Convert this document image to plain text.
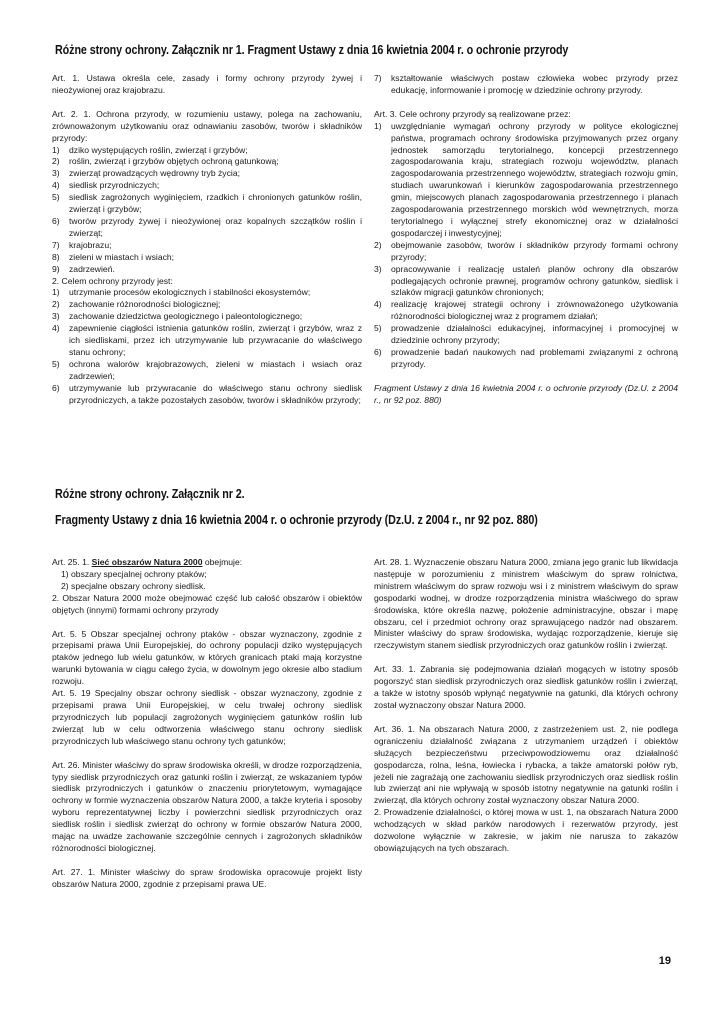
Różne strony ochrony. Załącznik nr 1. Fragment Ustawy z dnia 16 kwietnia 2004 r. o ochronie przyrody

Art. 1. Ustawa określa cele, zasady i formy ochrony przyrody żywej i nieożywionej oraz krajobrazu.

Art. 2. 1. Ochrona przyrody, w rozumieniu ustawy, polega na zachowaniu, zrównoważonym użytkowaniu oraz odnawianiu zasobów, tworów i składników przyrody:

1)	dziko występujących roślin, zwierząt i grzybów;
2)	roślin, zwierząt i grzybów objętych ochroną gatunkową;
3)	zwierząt prowadzących wędrowny tryb życia;
4)	siedlisk przyrodniczych;
5)	siedlisk zagrożonych wyginięciem, rzadkich i chronionych gatunków roślin, zwierząt i grzybów;
6)	tworów przyrody żywej i nieożywionej oraz kopalnych szczątków roślin i zwierząt;
7)	krajobrazu;
8)	zieleni w miastach i wsiach;
9)	zadrzewień.

2. Celem ochrony przyrody jest:

1)	utrzymanie procesów ekologicznych i stabilności ekosystemów;
2)	zachowanie różnorodności biologicznej;
3)	zachowanie dziedzictwa geologicznego i paleontologicznego;
4)	zapewnienie ciągłości istnienia gatunków roślin, zwierząt i grzybów, wraz z ich siedliskami, przez ich utrzymywanie lub przywracanie do właściwego stanu ochrony;
5)	ochrona walorów krajobrazowych, zieleni w miastach i wsiach oraz zadrzewień;
6)	utrzymywanie lub przywracanie do właściwego stanu ochrony siedlisk przyrodniczych, a także pozostałych zasobów, tworów i składników przyrody;
7)	kształtowanie właściwych postaw człowieka wobec przyrody przez edukację, informowanie i promocję w dziedzinie ochrony przyrody.

Art. 3. Cele ochrony przyrody są realizowane przez:

1)	uwzględnianie wymagań ochrony przyrody w polityce ekologicznej państwa, programach ochrony środowiska przyjmowanych przez organy jednostek samorządu terytorialnego, koncepcji przestrzennego zagospodarowania kraju, strategiach rozwoju województw, planach zagospodarowania przestrzennego województw, strategiach rozwoju gmin, studiach uwarunkowań i kierunków zagospodarowania przestrzennego gmin, miejscowych planach zagospodarowania przestrzennego i planach zagospodarowania przestrzennego morskich wód wewnętrznych, morza terytorialnego i wyłącznej strefy ekonomicznej oraz w działalności gospodarczej i inwestycyjnej;
2)	obejmowanie zasobów, tworów i składników przyrody formami ochrony przyrody;
3)	opracowywanie i realizację ustaleń planów ochrony dla obszarów podlegających ochronie prawnej, programów ochrony gatunków, siedlisk i szlaków migracji gatunków chronionych;
4)	realizację krajowej strategii ochrony i zrównoważonego użytkowania różnorodności biologicznej wraz z programem działań;
5)	prowadzenie działalności edukacyjnej, informacyjnej i promocyjnej w dziedzinie ochrony przyrody;
6)	prowadzenie badań naukowych nad problemami związanymi z ochroną przyrody.

Fragment Ustawy z dnia 16 kwietnia 2004 r. o ochronie przyrody (Dz.U. z 2004 r., nr 92 poz. 880)

Różne strony ochrony. Załącznik nr 2.
Fragmenty Ustawy z dnia 16 kwietnia 2004 r. o ochronie przyrody (Dz.U. z 2004 r., nr 92 poz. 880)

Art. 25. 1. Sieć obszarów Natura 2000 obejmuje:

1) obszary specjalnej ochrony ptaków;

2) specjalne obszary ochrony siedlisk.

2. Obszar Natura 2000 może obejmować część lub całość obszarów i obiektów objętych (innymi) formami ochrony przyrody

Art. 5. 5 Obszar specjalnej ochrony ptaków - obszar wyznaczony, zgodnie z przepisami prawa Unii Europejskiej, do ochrony populacji dziko występujących ptaków jednego lub wielu gatunków, w których granicach ptaki mają korzystne warunki bytowania w ciągu całego życia, w dowolnym jego okresie albo stadium rozwoju.

Art. 5. 19 Specjalny obszar ochrony siedlisk - obszar wyznaczony, zgodnie z przepisami prawa Unii Europejskiej, w celu trwałej ochrony siedlisk przyrodniczych lub populacji zagrożonych wyginięciem gatunków roślin lub zwierząt lub w celu odtworzenia właściwego stanu ochrony siedlisk przyrodniczych lub właściwego stanu ochrony tych gatunków;

Art. 26. Minister właściwy do spraw środowiska określi, w drodze rozporządzenia, typy siedlisk przyrodniczych oraz gatunki roślin i zwierząt, ze wskazaniem typów siedlisk przyrodniczych i gatunków o znaczeniu priorytetowym, wymagające ochrony w formie wyznaczenia obszarów Natura 2000, a także kryteria i sposoby wyboru reprezentatywnej liczby i powierzchni siedlisk przyrodniczych oraz siedlisk roślin i siedlisk zwierząt do ochrony w formie obszarów Natura 2000, mając na uwadze zachowanie szczególnie cennych i zagrożonych składników różnorodności biologicznej.

Art. 27. 1. Minister właściwy do spraw środowiska opracowuje projekt listy obszarów Natura 2000, zgodnie z przepisami prawa UE.

Art. 28. 1. Wyznaczenie obszaru Natura 2000, zmiana jego granic lub likwidacja następuje w porozumieniu z ministrem właściwym do spraw rolnictwa, ministrem właściwym do spraw rozwoju wsi i z ministrem właściwym do spraw gospodarki wodnej, w drodze rozporządzenia ministra właściwego do spraw środowiska, które określa nazwę, położenie administracyjne, obszar i mapę obszaru, cel i przedmiot ochrony oraz sprawującego nadzór nad obszarem. Minister właściwy do spraw środowiska, wydając rozporządzenie, kieruje się rzeczywistym stanem siedlisk przyrodniczych oraz gatunków roślin i zwierząt.

Art. 33. 1. Zabrania się podejmowania działań mogących w istotny sposób pogorszyć stan siedlisk przyrodniczych oraz siedlisk gatunków roślin i zwierząt, a także w istotny sposób wpłynąć negatywnie na gatunki, dla których ochrony został wyznaczony obszar Natura 2000.

Art. 36. 1. Na obszarach Natura 2000, z zastrzeżeniem ust. 2, nie podlega ograniczeniu działalność związana z utrzymaniem urządzeń i obiektów służących bezpieczeństwu przeciwpowodziowemu oraz działalność gospodarcza, rolna, leśna, łowiecka i rybacka, a także amatorski połów ryb, jeżeli nie zagrażają one zachowaniu siedlisk przyrodniczych oraz siedlisk roślin lub zwierząt ani nie wpływają w sposób istotny negatywnie na gatunki roślin i zwierząt, dla których ochrony został wyznaczony obszar Natura 2000.

2. Prowadzenie działalności, o której mowa w ust. 1, na obszarach Natura 2000 wchodzących w skład parków narodowych i rezerwatów przyrody, jest dozwolone wyłącznie w zakresie, w jakim nie narusza to zakazów obowiązujących na tych obszarach.

19
